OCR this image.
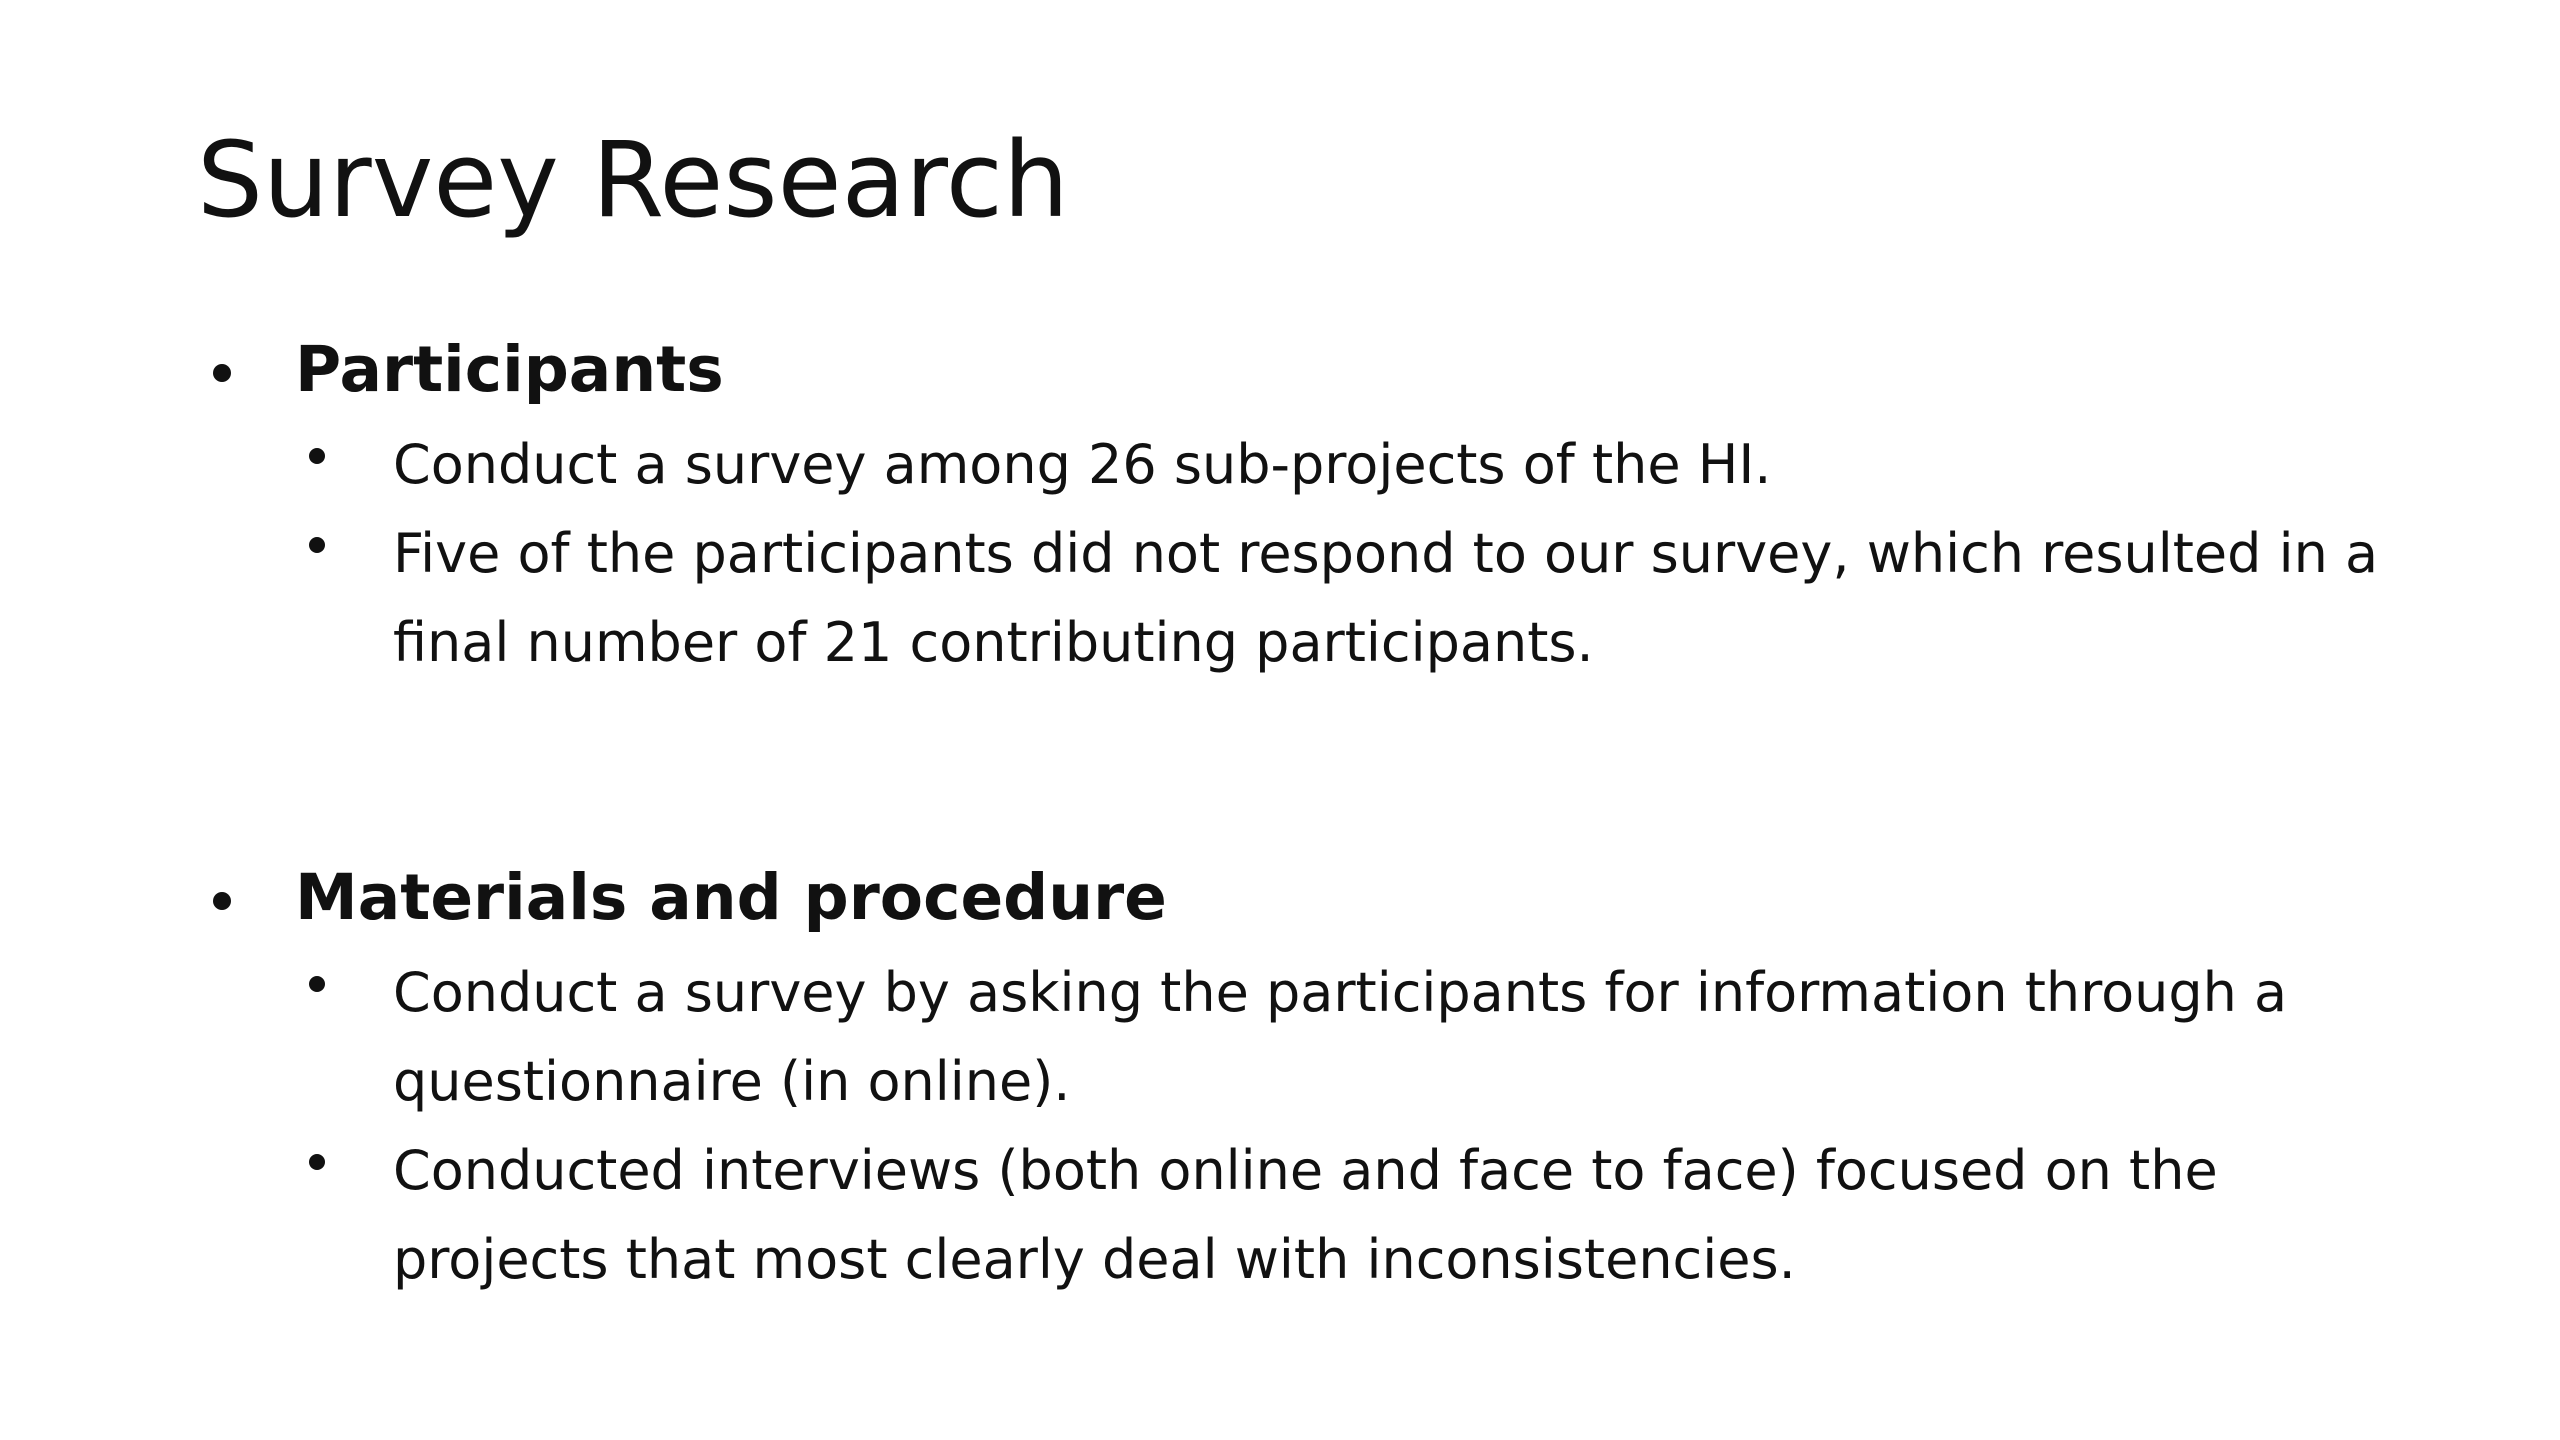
Survey Research

Participants

Conduct a survey among 26 sub-projects of the HI.

Five of the participants did not respond to our survey, which resulted in a final number of 21 contributing participants.

Materials and procedure

Conduct a survey by asking the participants for information through a questionnaire (in online).

Conducted interviews (both online and face to face) focused on the projects that most clearly deal with inconsistencies.
